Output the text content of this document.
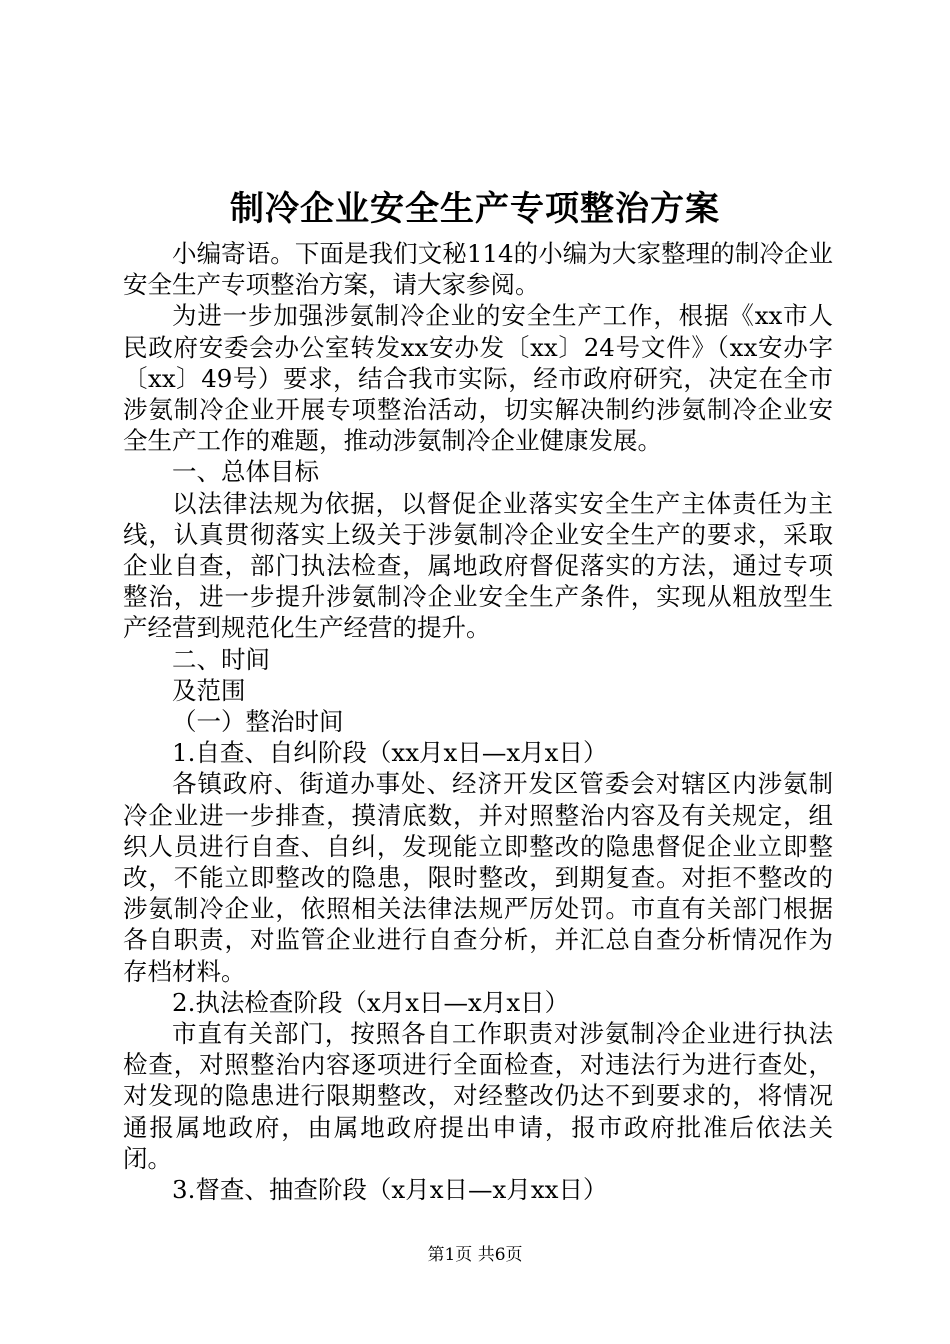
制冷企业安全生产专项整治方案

小编寄语。下面是我们文秘114的小编为大家整理的制冷企业安全生产专项整治方案，请大家参阅。

为进一步加强涉氨制冷企业的安全生产工作，根据《xx市人民政府安委会办公室转发xx安办发〔xx〕24号文件》（xx安办字〔xx〕49号）要求，结合我市实际，经市政府研究，决定在全市涉氨制冷企业开展专项整治活动，切实解决制约涉氨制冷企业安全生产工作的难题，推动涉氨制冷企业健康发展。

一、总体目标

以法律法规为依据，以督促企业落实安全生产主体责任为主线，认真贯彻落实上级关于涉氨制冷企业安全生产的要求，采取企业自查，部门执法检查，属地政府督促落实的方法，通过专项整治，进一步提升涉氨制冷企业安全生产条件，实现从粗放型生产经营到规范化生产经营的提升。

二、时间

及范围

（一）整治时间

1.自查、自纠阶段（xx月x日—x月x日）

各镇政府、街道办事处、经济开发区管委会对辖区内涉氨制冷企业进一步排查，摸清底数，并对照整治内容及有关规定，组织人员进行自查、自纠，发现能立即整改的隐患督促企业立即整改，不能立即整改的隐患，限时整改，到期复查。对拒不整改的涉氨制冷企业，依照相关法律法规严厉处罚。市直有关部门根据各自职责，对监管企业进行自查分析，并汇总自查分析情况作为存档材料。

2.执法检查阶段（x月x日—x月x日）

市直有关部门，按照各自工作职责对涉氨制冷企业进行执法检查，对照整治内容逐项进行全面检查，对违法行为进行查处，对发现的隐患进行限期整改，对经整改仍达不到要求的，将情况通报属地政府，由属地政府提出申请，报市政府批准后依法关闭。

3.督查、抽查阶段（x月x日—x月xx日）

第1页 共6页
